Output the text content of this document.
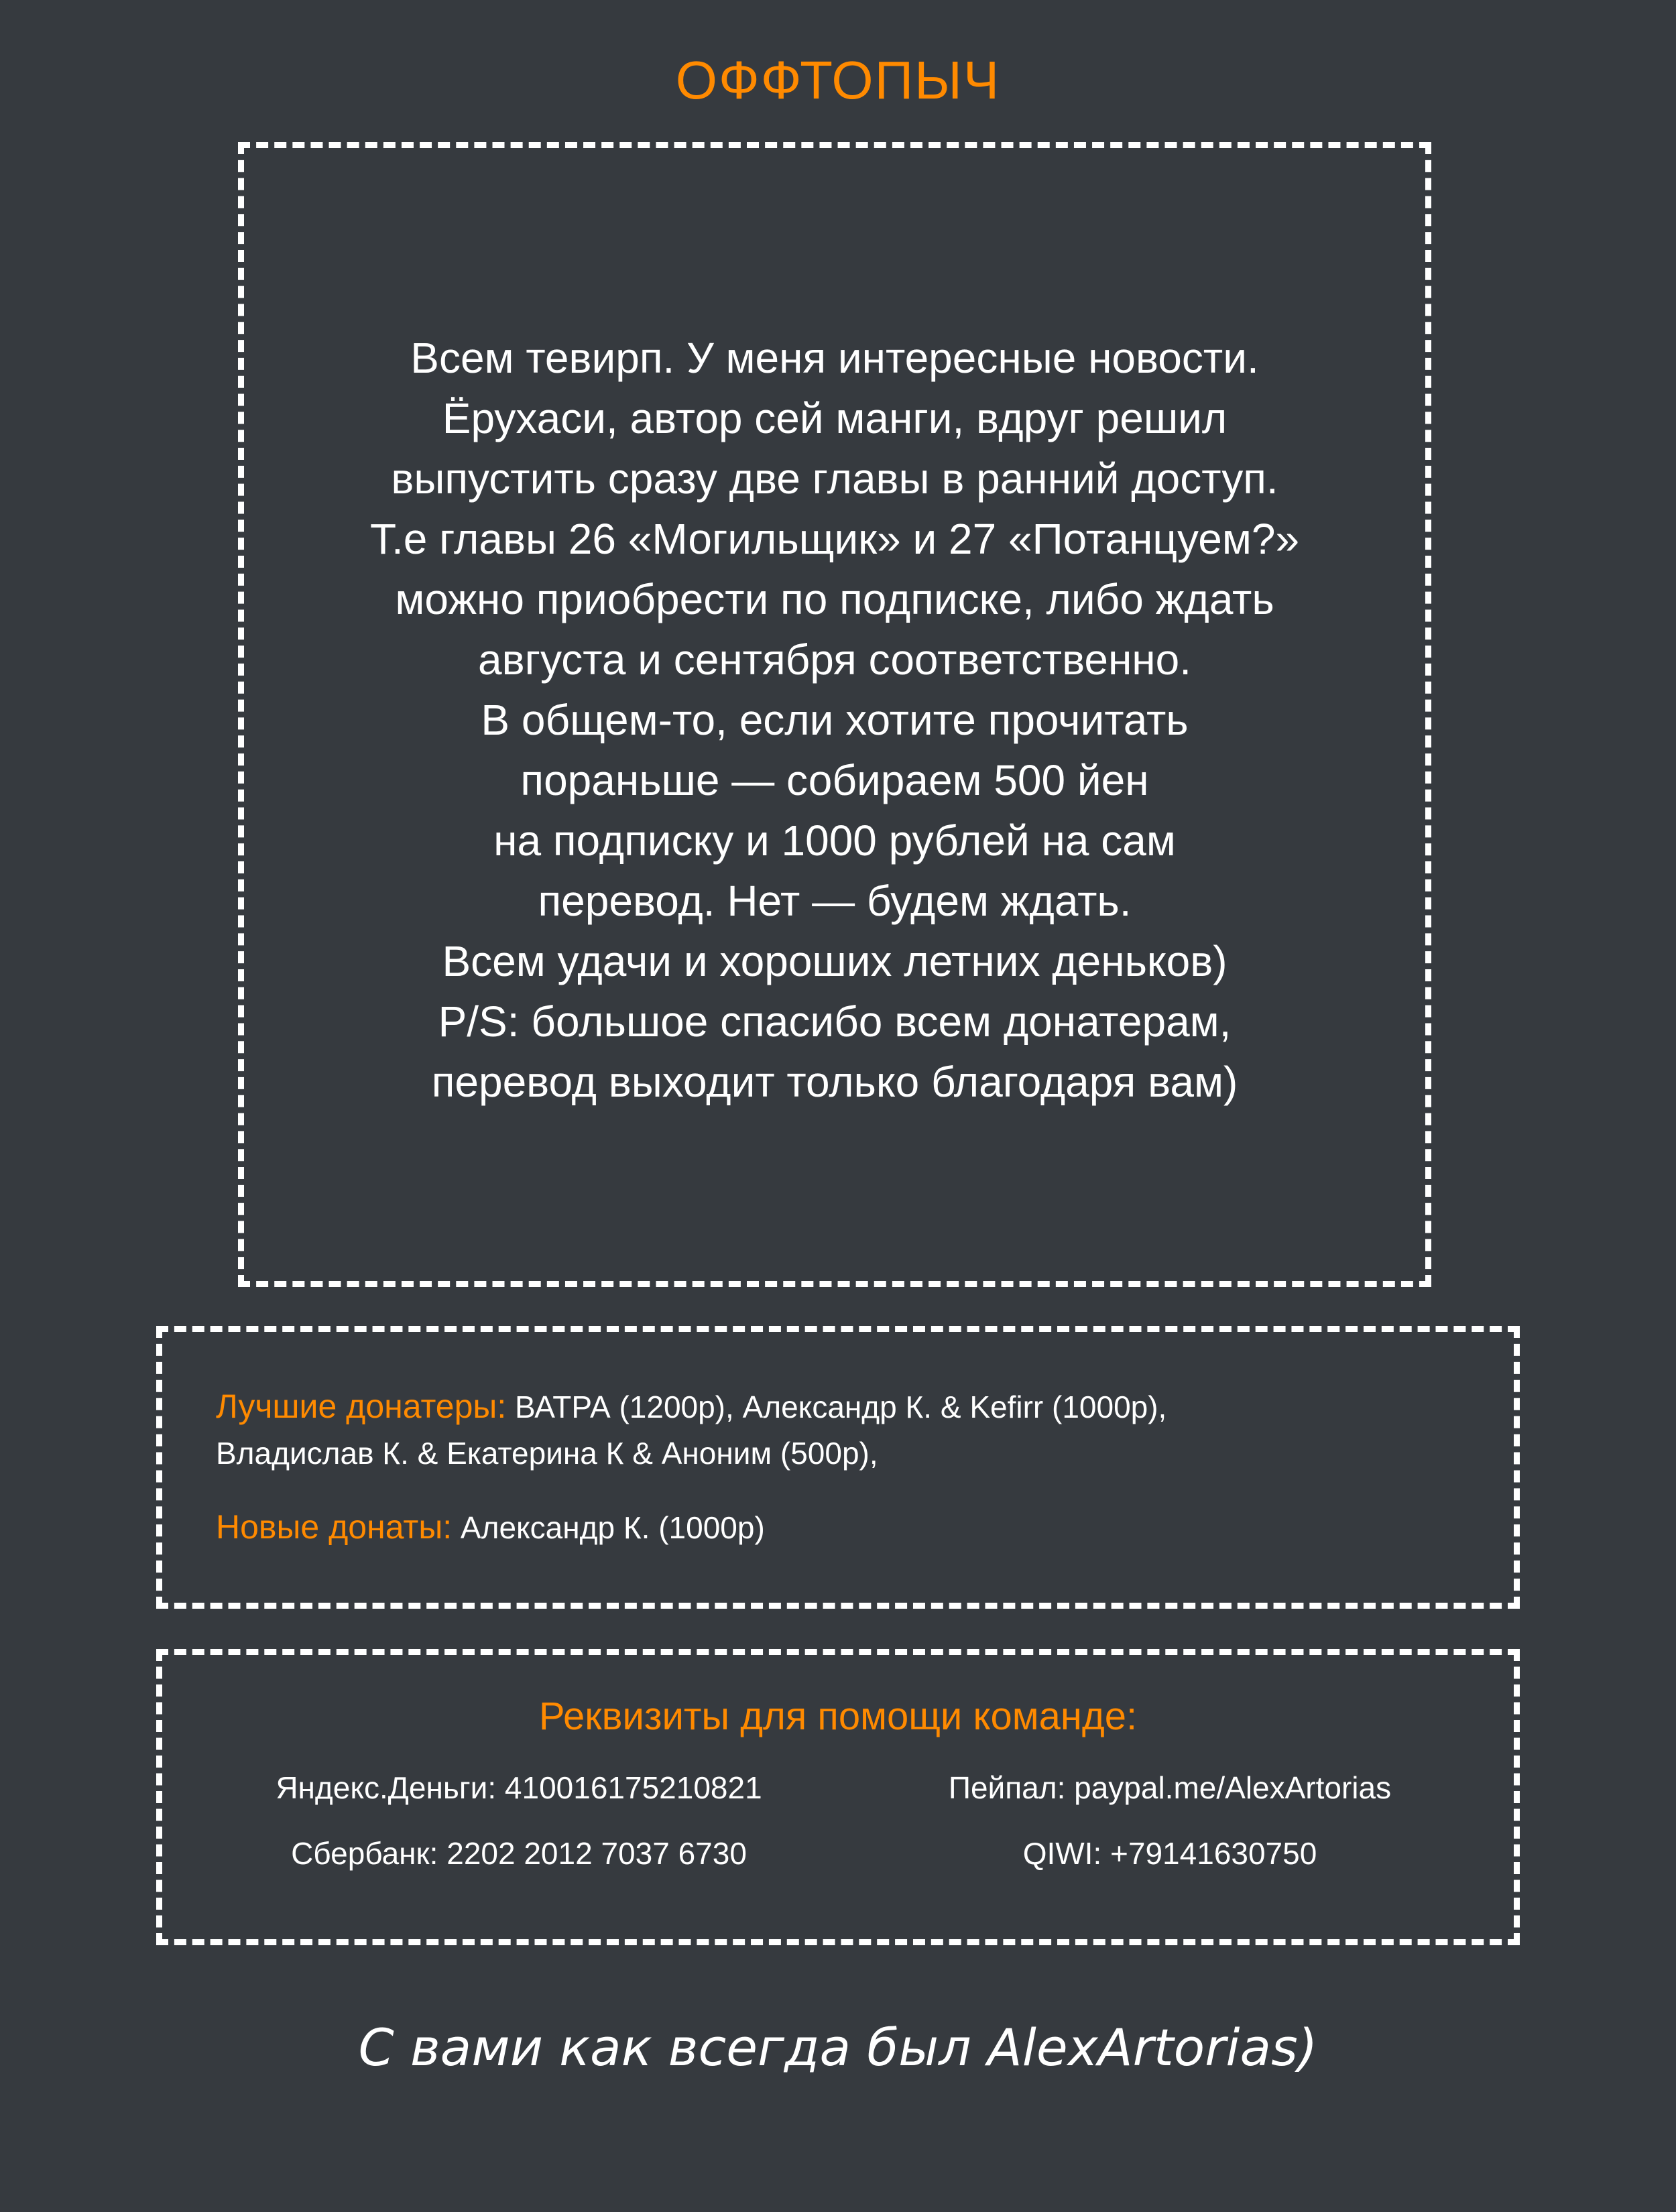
ОФФТОПЫЧ
Всем тевирп. У меня интересные новости.
Ёрухаси, автор сей манги, вдруг решил
выпустить сразу две главы в ранний доступ.
Т.е главы 26 «Могильщик» и 27 «Потанцуем?»
можно приобрести по подписке, либо ждать
августа и сентября соответственно.
В общем-то, если хотите прочитать
пораньше — собираем 500 йен
на подписку и 1000 рублей на сам
перевод. Нет — будем ждать.
Всем удачи и хороших летних деньков)
P/S: большое спасибо всем донатерам,
перевод выходит только благодаря вам)
Лучшие донатеры: ВАТРА (1200р), Александр К. & Kefirr (1000р),
Владислав К. & Екатерина К & Аноним (500р),
Новые донаты: Александр К. (1000р)
Реквизиты для помощи команде:
Яндекс.Деньги: 410016175210821	Пейпал: paypal.me/AlexArtorias
Сбербанк: 2202 2012 7037 6730	QIWI: +79141630750
С вами как всегда был AlexArtorias)
